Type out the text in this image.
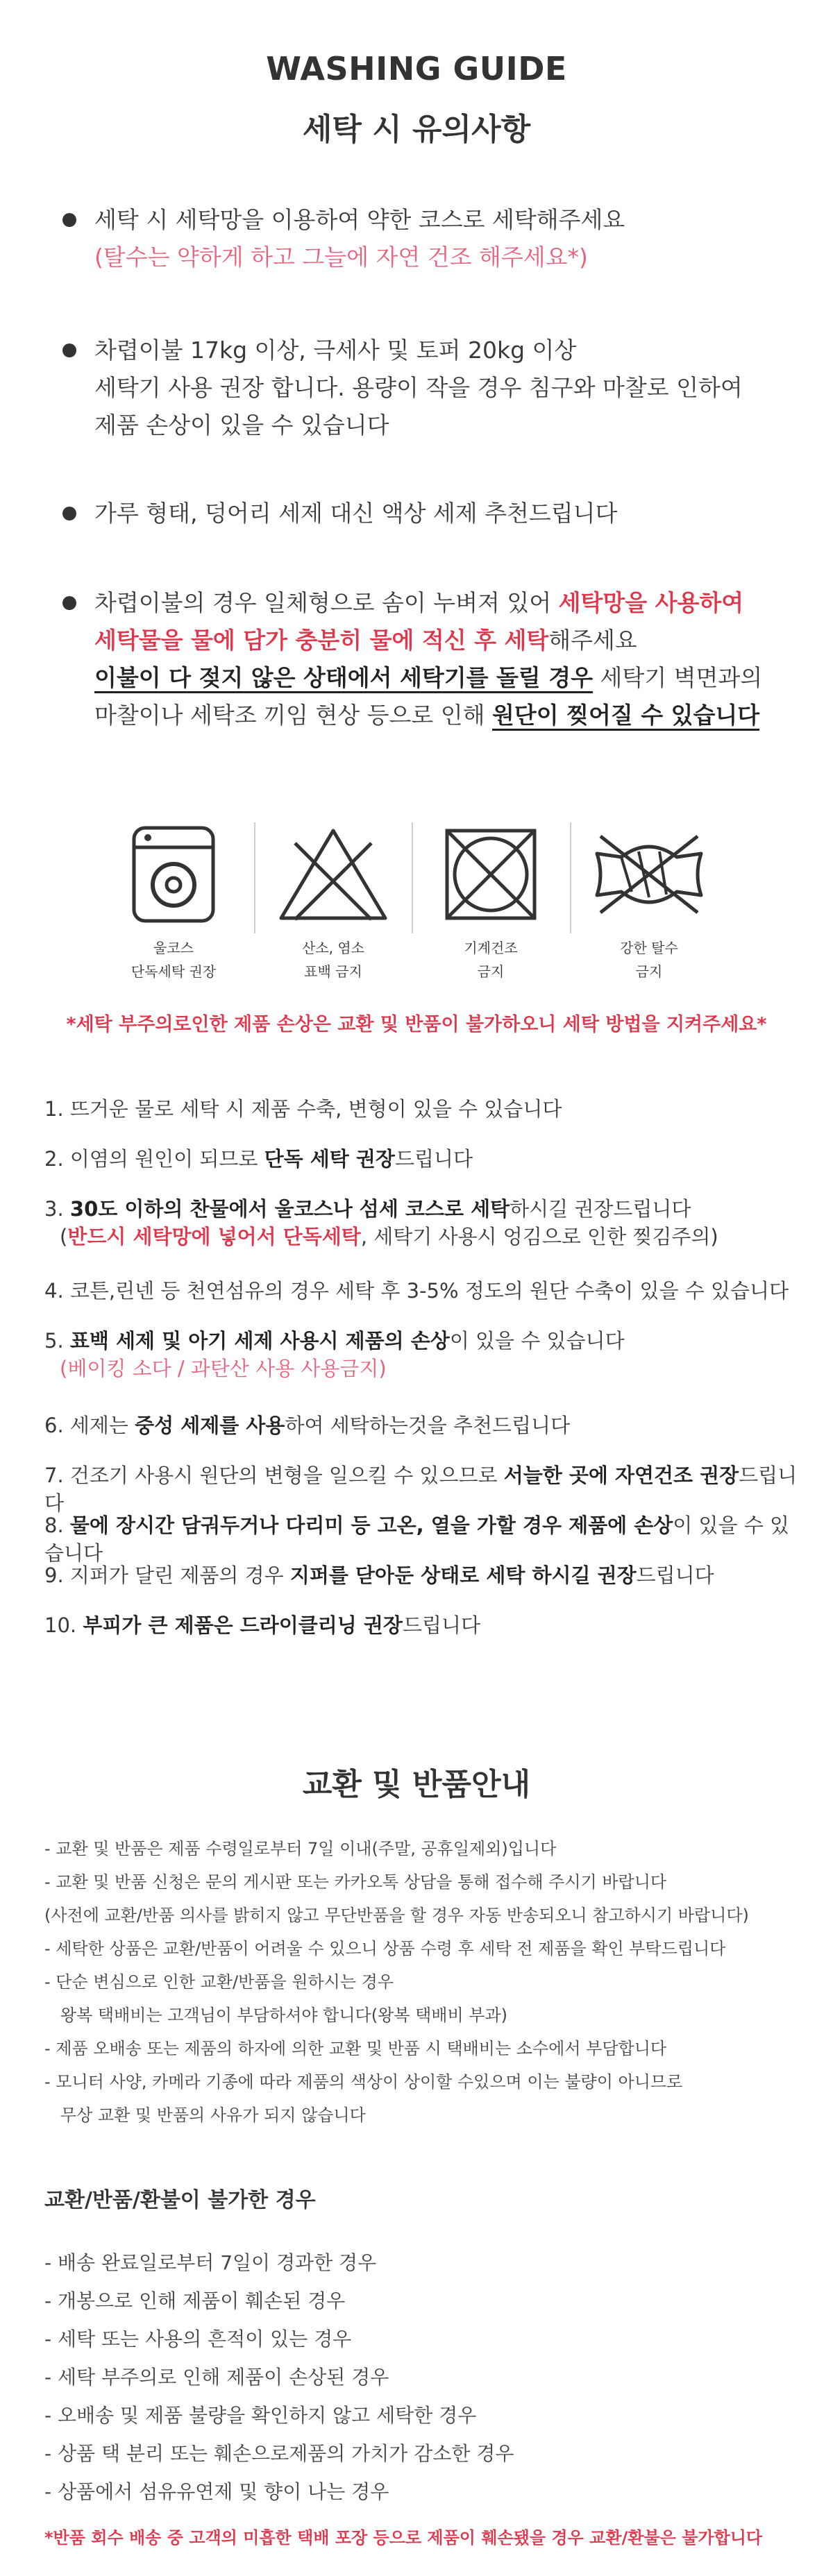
WASHING GUIDE
세탁 시 유의사항
세탁 시 세탁망을 이용하여 약한 코스로 세탁해주세요
(탈수는 약하게 하고 그늘에 자연 건조 해주세요*)
차렵이불 17kg 이상, 극세사 및 토퍼 20kg 이상
세탁기 사용 권장 합니다. 용량이 작을 경우 침구와 마찰로 인하여
제품 손상이 있을 수 있습니다
가루 형태, 덩어리 세제 대신 액상 세제 추천드립니다
차렵이불의 경우 일체형으로 솜이 누벼져 있어 세탁망을 사용하여
세탁물을 물에 담가 충분히 물에 적신 후 세탁해주세요
이불이 다 젖지 않은 상태에서 세탁기를 돌릴 경우 세탁기 벽면과의
마찰이나 세탁조 끼임 현상 등으로 인해 원단이 찢어질 수 있습니다
울코스
단독세탁 권장
산소, 염소
표백 금지
기계건조
금지
강한 탈수
금지
*세탁 부주의로인한 제품 손상은 교환 및 반품이 불가하오니 세탁 방법을 지켜주세요*
1. 뜨거운 물로 세탁 시 제품 수축, 변형이 있을 수 있습니다
2. 이염의 원인이 되므로 단독 세탁 권장드립니다
3. 30도 이하의 찬물에서 울코스나 섬세 코스로 세탁하시길 권장드립니다
(반드시 세탁망에 넣어서 단독세탁, 세탁기 사용시 엉김으로 인한 찢김주의)
4. 코튼,린넨 등 천연섬유의 경우 세탁 후 3-5% 정도의 원단 수축이 있을 수 있습니다
5. 표백 세제 및 아기 세제 사용시 제품의 손상이 있을 수 있습니다
(베이킹 소다 / 과탄산 사용 사용금지)
6. 세제는 중성 세제를 사용하여 세탁하는것을 추천드립니다
7. 건조기 사용시 원단의 변형을 일으킬 수 있으므로 서늘한 곳에 자연건조 권장드립니다
8. 물에 장시간 담궈두거나 다리미 등 고온, 열을 가할 경우 제품에 손상이 있을 수 있습니다
9. 지퍼가 달린 제품의 경우 지퍼를 닫아둔 상태로 세탁 하시길 권장드립니다
10. 부피가 큰 제품은 드라이클리닝 권장드립니다
교환 및 반품안내
- 교환 및 반품은 제품 수령일로부터 7일 이내(주말, 공휴일제외)입니다
- 교환 및 반품 신청은 문의 게시판 또는 카카오톡 상담을 통해 접수해 주시기 바랍니다
(사전에 교환/반품 의사를 밝히지 않고 무단반품을 할 경우 자동 반송되오니 참고하시기 바랍니다)
- 세탁한 상품은 교환/반품이 어려울 수 있으니 상품 수령 후 세탁 전 제품을 확인 부탁드립니다
- 단순 변심으로 인한 교환/반품을 원하시는 경우
왕복 택배비는 고객님이 부담하셔야 합니다(왕복 택배비 부과)
- 제품 오배송 또는 제품의 하자에 의한 교환 및 반품 시 택배비는 소수에서 부담합니다
- 모니터 사양, 카메라 기종에 따라 제품의 색상이 상이할 수있으며 이는 불량이 아니므로
무상 교환 및 반품의 사유가 되지 않습니다
교환/반품/환불이 불가한 경우
- 배송 완료일로부터 7일이 경과한 경우
- 개봉으로 인해 제품이 훼손된 경우
- 세탁 또는 사용의 흔적이 있는 경우
- 세탁 부주의로 인해 제품이 손상된 경우
- 오배송 및 제품 불량을 확인하지 않고 세탁한 경우
- 상품 택 분리 또는 훼손으로제품의 가치가 감소한 경우
- 상품에서 섬유유연제 및 향이 나는 경우
*반품 회수 배송 중 고객의 미흡한 택배 포장 등으로 제품이 훼손됐을 경우 교환/환불은 불가합니다
